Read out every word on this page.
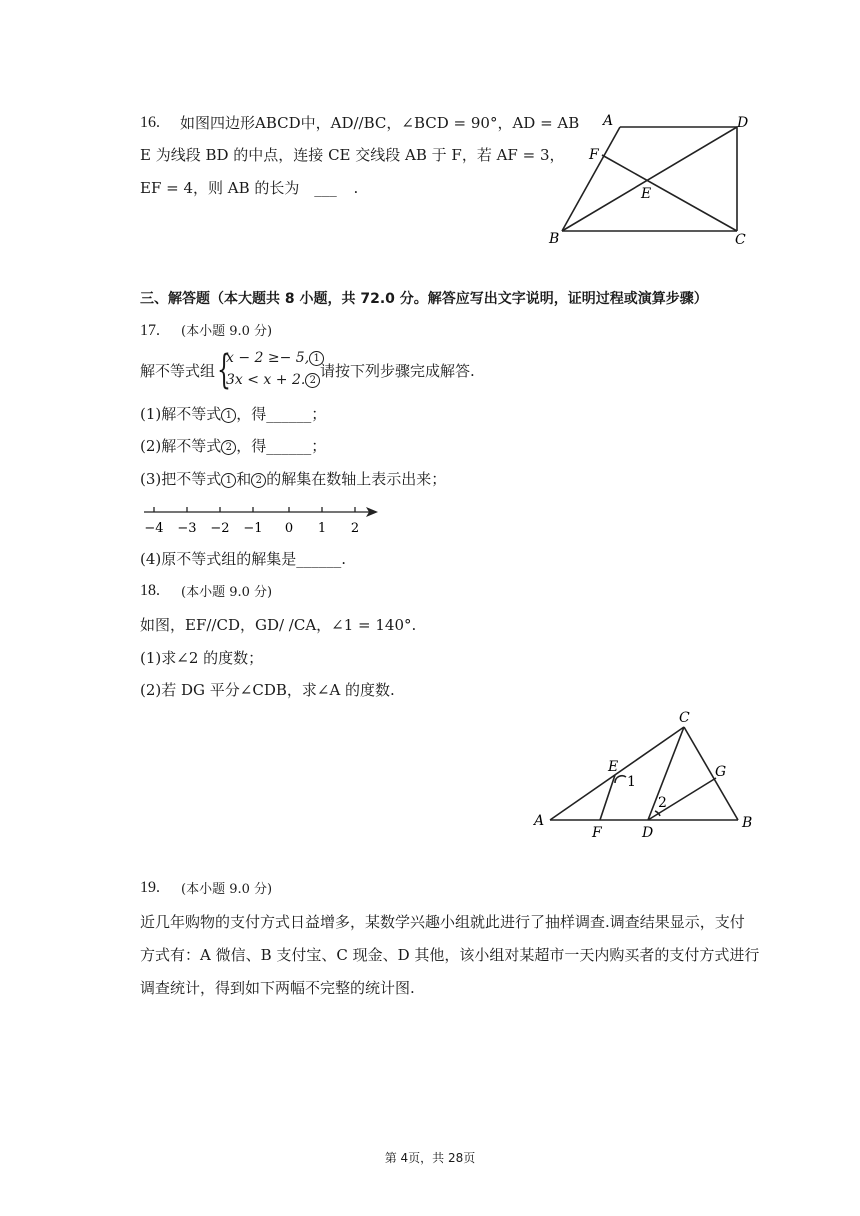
16. 如图四边形ABCD中，AD//BC，∠BCD = 90°，AD = AB
E 为线段 BD 的中点，连接 CE 交线段 AB 于 F，若 AF = 3，
EF = 4，则 AB 的长为 ___ .
A	D
F
E
B	C
三、解答题（本大题共 8 小题，共 72.0 分。解答应写出文字说明，证明过程或演算步骤）
17. (本小题 9.0 分)
解不等式组 {
x − 2 ≥− 5, 1
3x < x + 2. 2 请按下列步骤完成解答.
(1)解不等式 1 ，得______；
(2)解不等式 2 ，得______；
(3)把不等式 1 和 2 的解集在数轴上表示出来；
−4 −3 −2 −1 0 1 2
(4)原不等式组的解集是______.
18. (本小题 9.0 分)
如图，EF//CD，GD/ /CA，∠1 = 140°.
(1)求∠2 的度数；
(2)若 DG 平分∠CDB，求∠A 的度数.
C
E
1
G
2
A
F	D
B
19. (本小题 9.0 分)
近几年购物的支付方式日益增多，某数学兴趣小组就此进行了抽样调查.调查结果显示，支付
方式有：A 微信、B 支付宝、C 现金、D 其他，该小组对某超市一天内购买者的支付方式进行
调查统计，得到如下两幅不完整的统计图.
第 4页，共 28页
